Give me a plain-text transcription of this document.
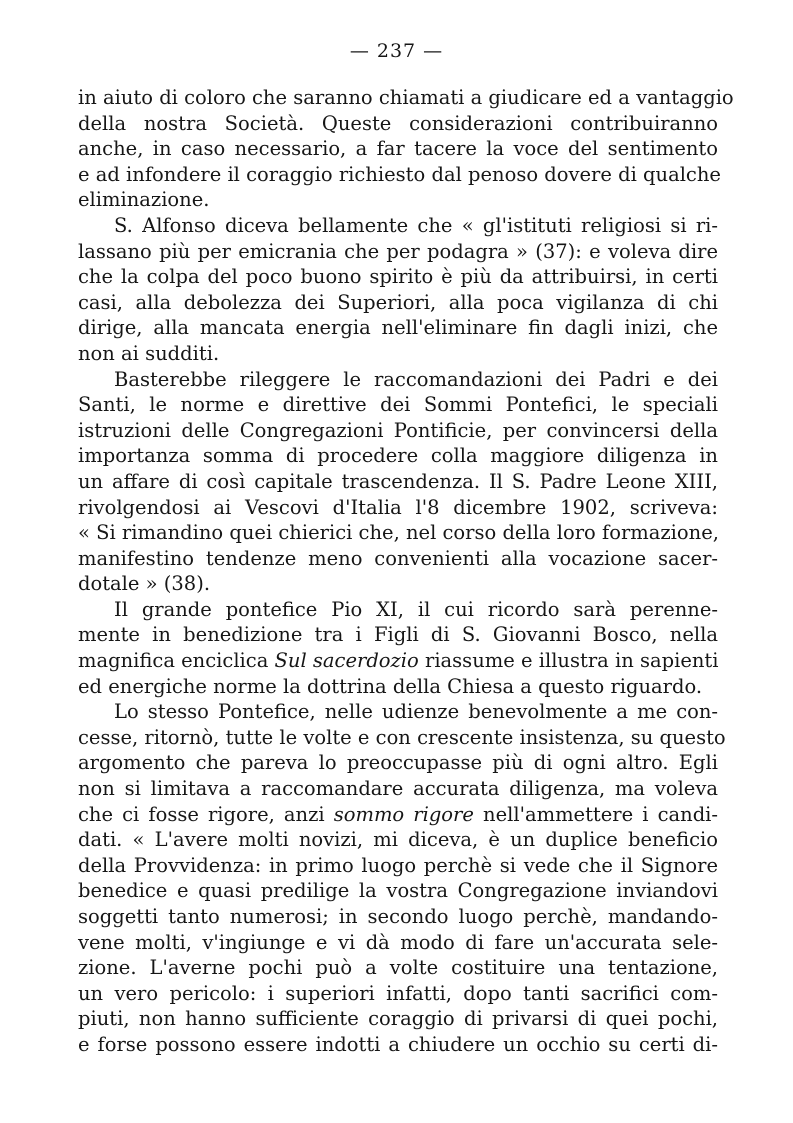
— 237 —
in aiuto di coloro che saranno chiamati a giudicare ed a vantaggio
della nostra Società. Queste considerazioni contribuiranno
anche, in caso necessario, a far tacere la voce del sentimento
e ad infondere il coraggio richiesto dal penoso dovere di qualche
eliminazione.
S. Alfonso diceva bellamente che « gl'istituti religiosi si ri-
lassano più per emicrania che per podagra » (37): e voleva dire
che la colpa del poco buono spirito è più da attribuirsi, in certi
casi, alla debolezza dei Superiori, alla poca vigilanza di chi
dirige, alla mancata energia nell'eliminare fin dagli inizi, che
non ai sudditi.
Basterebbe rileggere le raccomandazioni dei Padri e dei
Santi, le norme e direttive dei Sommi Pontefici, le speciali
istruzioni delle Congregazioni Pontificie, per convincersi della
importanza somma di procedere colla maggiore diligenza in
un affare di così capitale trascendenza. Il S. Padre Leone XIII,
rivolgendosi ai Vescovi d'Italia l'8 dicembre 1902, scriveva:
« Si rimandino quei chierici che, nel corso della loro formazione,
manifestino tendenze meno convenienti alla vocazione sacer-
dotale » (38).
Il grande pontefice Pio XI, il cui ricordo sarà perenne-
mente in benedizione tra i Figli di S. Giovanni Bosco, nella
magnifica enciclica Sul sacerdozio riassume e illustra in sapienti
ed energiche norme la dottrina della Chiesa a questo riguardo.
Lo stesso Pontefice, nelle udienze benevolmente a me con-
cesse, ritornò, tutte le volte e con crescente insistenza, su questo
argomento che pareva lo preoccupasse più di ogni altro. Egli
non si limitava a raccomandare accurata diligenza, ma voleva
che ci fosse rigore, anzi sommo rigore nell'ammettere i candi-
dati. « L'avere molti novizi, mi diceva, è un duplice beneficio
della Provvidenza: in primo luogo perchè si vede che il Signore
benedice e quasi predilige la vostra Congregazione inviandovi
soggetti tanto numerosi; in secondo luogo perchè, mandando-
vene molti, v'ingiunge e vi dà modo di fare un'accurata sele-
zione. L'averne pochi può a volte costituire una tentazione,
un vero pericolo: i superiori infatti, dopo tanti sacrifici com-
piuti, non hanno sufficiente coraggio di privarsi di quei pochi,
e forse possono essere indotti a chiudere un occhio su certi di-
